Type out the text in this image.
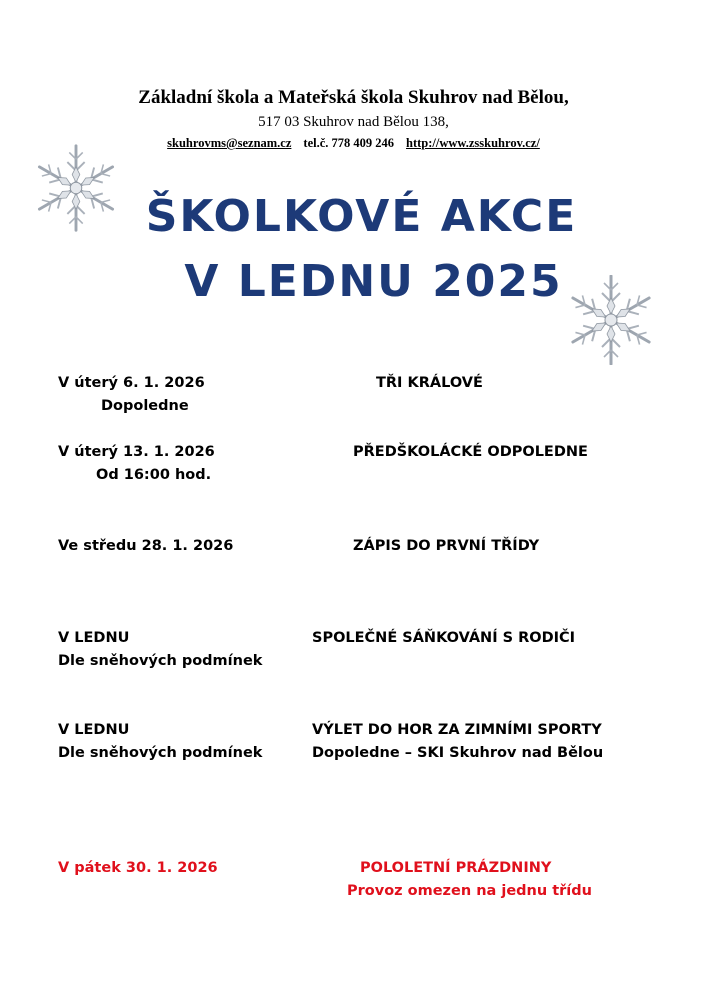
Základní škola a Mateřská škola Skuhrov nad Bělou,
517 03 Skuhrov nad Bělou 138,
skuhrovms@seznam.cz tel.č. 778 409 246 http://www.zsskuhrov.cz/
ŠKOLKOVÉ AKCE
V LEDNU 2025
V úterý 6. 1. 2026
Dopoledne
TŘI KRÁLOVÉ
V úterý 13. 1. 2026
Od 16:00 hod.
PŘEDŠKOLÁCKÉ ODPOLEDNE
Ve středu 28. 1. 2026	ZÁPIS DO PRVNÍ TŘÍDY
V LEDNU
Dle sněhových podmínek
SPOLEČNÉ SÁŇKOVÁNÍ S RODIČI
V LEDNU
Dle sněhových podmínek
VÝLET DO HOR ZA ZIMNÍMI SPORTY
Dopoledne – SKI Skuhrov nad Bělou
V pátek 30. 1. 2026	POLOLETNÍ PRÁZDNINY
Provoz omezen na jednu třídu
